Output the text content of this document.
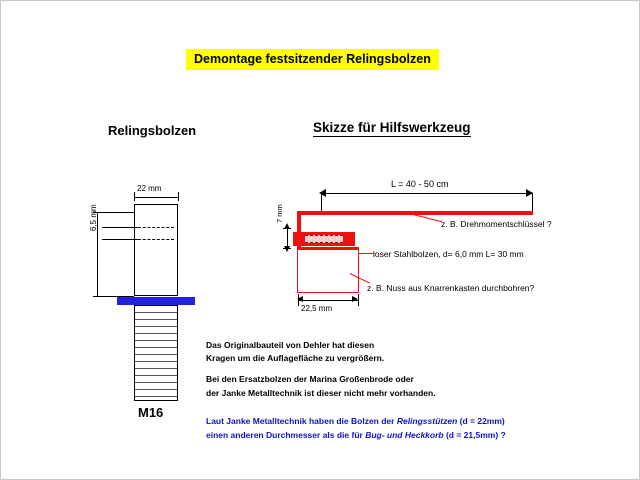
Demontage festsitzender Relingsbolzen
Relingsbolzen	Skizze für Hilfswerkzeug
22 mm
6,5 mm
M16
L = 40 - 50 cm
7 mm
22,5 mm
z. B. Drehmomentschlüssel ?
loser Stahlbolzen, d= 6,0 mm L= 30 mm
z. B. Nuss aus Knarrenkasten durchbohren?

Das Originalbauteil von Dehler hat diesen

Kragen um die Auflagefläche zu vergrößern.

Bei den Ersatzbolzen der Marina Großenbrode oder

der Janke Metalltechnik ist dieser nicht mehr vorhanden.

Laut Janke Metalltechnik haben die Bolzen der Relingsstützen (d = 22mm)

einen anderen Durchmesser als die für Bug- und Heckkorb (d = 21,5mm) ?
